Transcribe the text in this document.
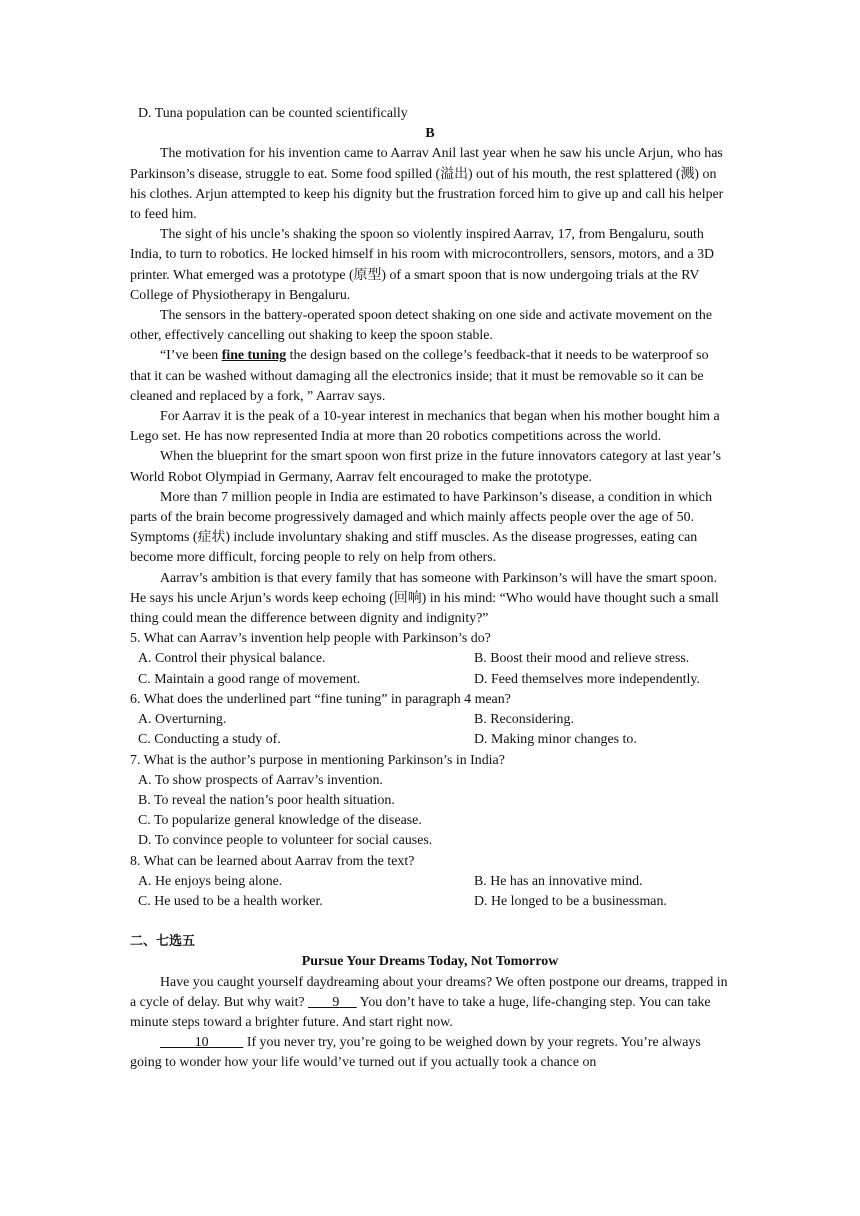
D. Tuna population can be counted scientifically

B

The motivation for his invention came to Aarrav Anil last year when he saw his uncle Arjun, who has Parkinson’s disease, struggle to eat. Some food spilled (溢出) out of his mouth, the rest splattered (溅) on his clothes. Arjun attempted to keep his dignity but the frustration forced him to give up and call his helper to feed him.

The sight of his uncle’s shaking the spoon so violently inspired Aarrav, 17, from Bengaluru, south India, to turn to robotics. He locked himself in his room with microcontrollers, sensors, motors, and a 3D printer. What emerged was a prototype (原型) of a smart spoon that is now undergoing trials at the RV College of Physiotherapy in Bengaluru.

The sensors in the battery-operated spoon detect shaking on one side and activate movement on the other, effectively cancelling out shaking to keep the spoon stable.

“I’ve been fine tuning the design based on the college’s feedback-that it needs to be waterproof so that it can be washed without damaging all the electronics inside; that it must be removable so it can be cleaned and replaced by a fork, ” Aarrav says.

For Aarrav it is the peak of a 10-year interest in mechanics that began when his mother bought him a Lego set. He has now represented India at more than 20 robotics competitions across the world.

When the blueprint for the smart spoon won first prize in the future innovators category at last year’s World Robot Olympiad in Germany, Aarrav felt encouraged to make the prototype.

More than 7 million people in India are estimated to have Parkinson’s disease, a condition in which parts of the brain become progressively damaged and which mainly affects people over the age of 50. Symptoms (症状) include involuntary shaking and stiff muscles. As the disease progresses, eating can become more difficult, forcing people to rely on help from others.

Aarrav’s ambition is that every family that has someone with Parkinson’s will have the smart spoon. He says his uncle Arjun’s words keep echoing (回响) in his mind: “Who would have thought such a small thing could mean the difference between dignity and indignity?”

5. What can Aarrav’s invention help people with Parkinson’s do?

A. Control their physical balance.	B. Boost their mood and relieve stress.
C. Maintain a good range of movement.	D. Feed themselves more independently.

6. What does the underlined part “fine tuning” in paragraph 4 mean?

A. Overturning.	B. Reconsidering.
C. Conducting a study of.	D. Making minor changes to.

7. What is the author’s purpose in mentioning Parkinson’s in India?

A. To show prospects of Aarrav’s invention.

B. To reveal the nation’s poor health situation.

C. To popularize general knowledge of the disease.

D. To convince people to volunteer for social causes.

8. What can be learned about Aarrav from the text?

A. He enjoys being alone.	B. He has an innovative mind.
C. He used to be a health worker.	D. He longed to be a businessman.

二、七选五

Pursue Your Dreams Today, Not Tomorrow

Have you caught yourself daydreaming about your dreams? We often postpone our dreams, trapped in a cycle of delay. But why wait?        9      You don’t have to take a huge, life-changing step. You can take minute steps toward a brighter future. And start right now.

10           If you never try, you’re going to be weighed down by your regrets. You’re always going to wonder how your life would’ve turned out if you actually took a chance on
